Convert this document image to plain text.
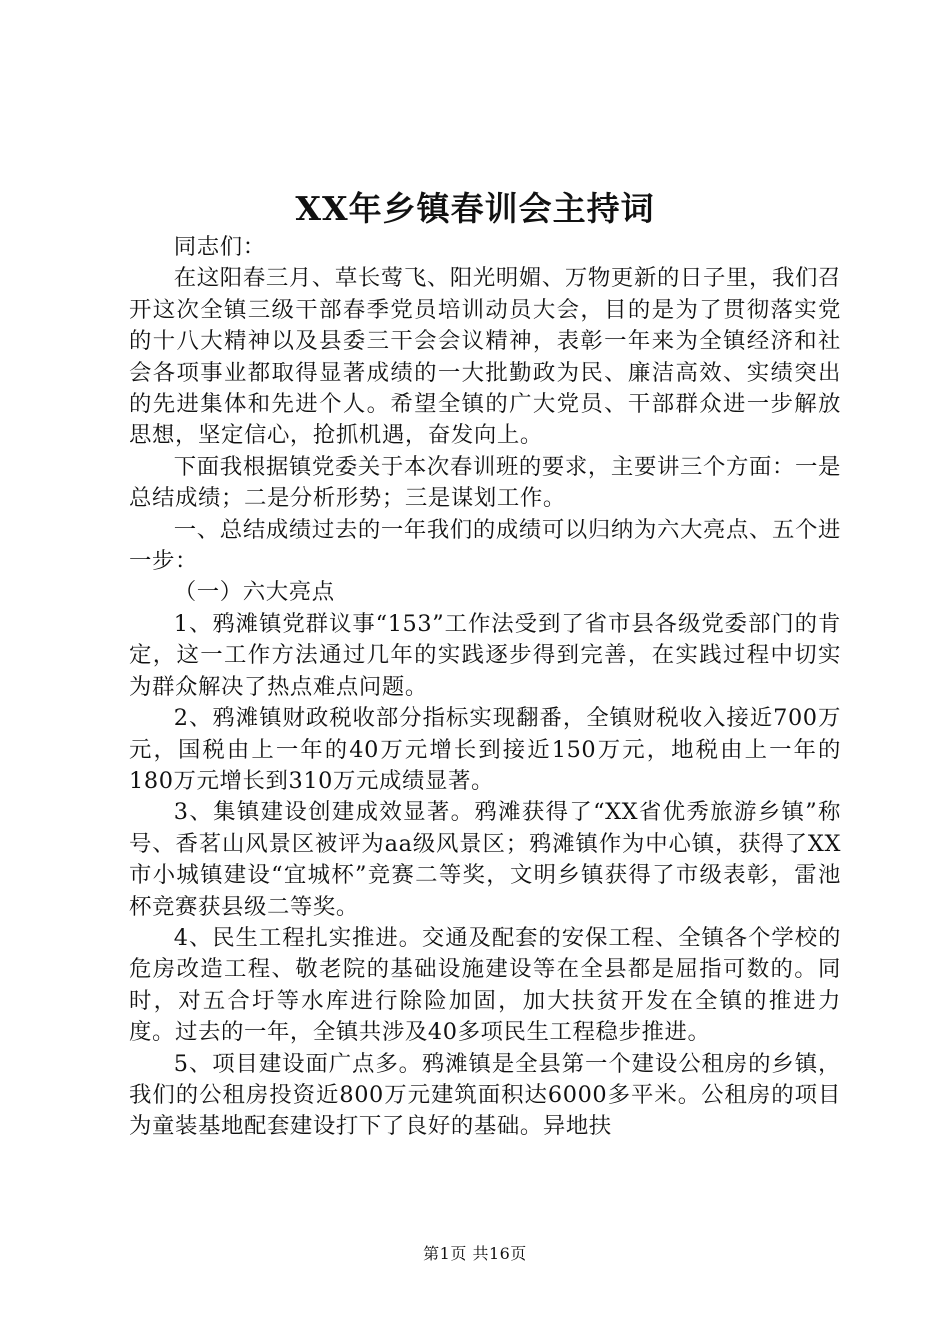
XX年乡镇春训会主持词

同志们：

在这阳春三月、草长莺飞、阳光明媚、万物更新的日子里，我们召开这次全镇三级干部春季党员培训动员大会，目的是为了贯彻落实党的十八大精神以及县委三干会会议精神，表彰一年来为全镇经济和社会各项事业都取得显著成绩的一大批勤政为民、廉洁高效、实绩突出的先进集体和先进个人。希望全镇的广大党员、干部群众进一步解放思想，坚定信心，抢抓机遇，奋发向上。

下面我根据镇党委关于本次春训班的要求，主要讲三个方面：一是总结成绩；二是分析形势；三是谋划工作。

一、总结成绩过去的一年我们的成绩可以归纳为六大亮点、五个进一步：

（一）六大亮点

1、鸦滩镇党群议事“153”工作法受到了省市县各级党委部门的肯定，这一工作方法通过几年的实践逐步得到完善，在实践过程中切实为群众解决了热点难点问题。

2、鸦滩镇财政税收部分指标实现翻番，全镇财税收入接近700万元，国税由上一年的40万元增长到接近150万元，地税由上一年的180万元增长到310万元成绩显著。

3、集镇建设创建成效显著。鸦滩获得了“XX省优秀旅游乡镇”称号、香茗山风景区被评为aa级风景区；鸦滩镇作为中心镇，获得了XX市小城镇建设“宜城杯”竞赛二等奖，文明乡镇获得了市级表彰，雷池杯竞赛获县级二等奖。

4、民生工程扎实推进。交通及配套的安保工程、全镇各个学校的危房改造工程、敬老院的基础设施建设等在全县都是屈指可数的。同时，对五合圩等水库进行除险加固，加大扶贫开发在全镇的推进力度。过去的一年，全镇共涉及40多项民生工程稳步推进。

5、项目建设面广点多。鸦滩镇是全县第一个建设公租房的乡镇，我们的公租房投资近800万元建筑面积达6000多平米。公租房的项目为童装基地配套建设打下了良好的基础。异地扶

第1页 共16页
